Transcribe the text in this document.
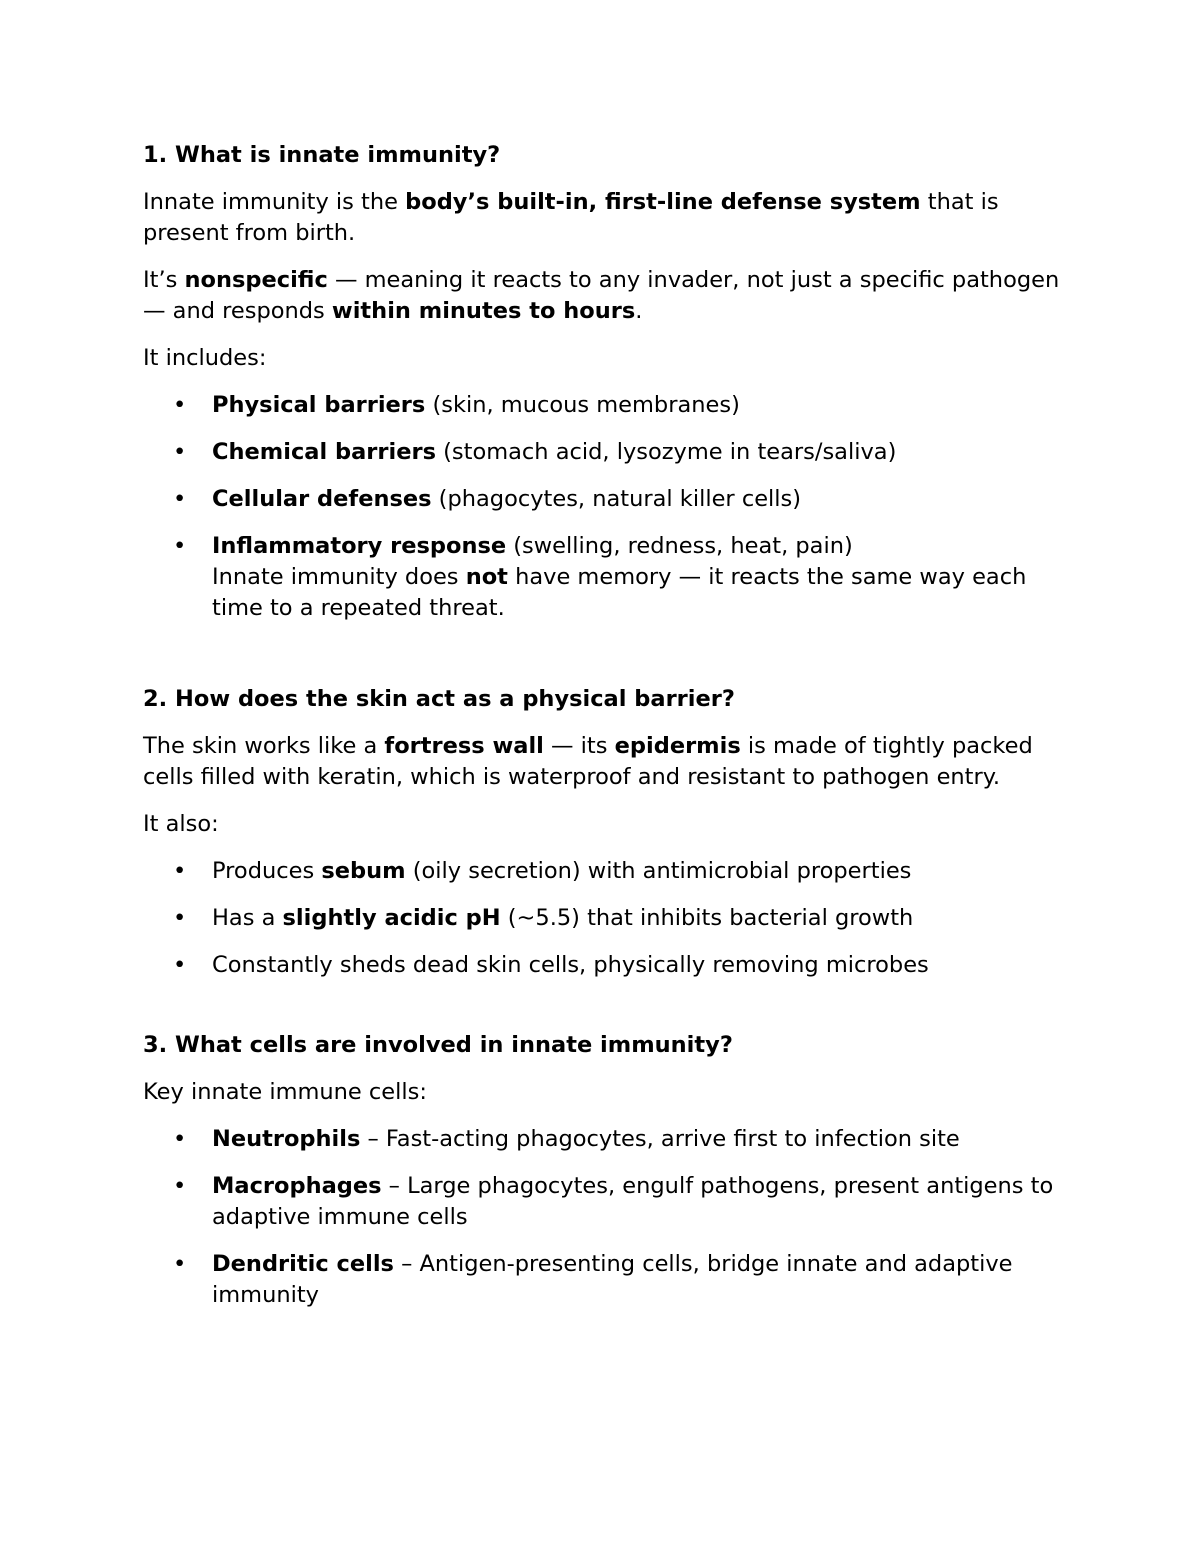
1. What is innate immunity?

Innate immunity is the body’s built-in, first-line defense system that is present from birth.

It’s nonspecific — meaning it reacts to any invader, not just a specific pathogen — and responds within minutes to hours.

It includes:

• Physical barriers (skin, mucous membranes)
• Chemical barriers (stomach acid, lysozyme in tears/saliva)
• Cellular defenses (phagocytes, natural killer cells)
• Inflammatory response (swelling, redness, heat, pain)
Innate immunity does not have memory — it reacts the same way each time to a repeated threat.

2. How does the skin act as a physical barrier?

The skin works like a fortress wall — its epidermis is made of tightly packed cells filled with keratin, which is waterproof and resistant to pathogen entry.

It also:

• Produces sebum (oily secretion) with antimicrobial properties
• Has a slightly acidic pH (~5.5) that inhibits bacterial growth
• Constantly sheds dead skin cells, physically removing microbes

3. What cells are involved in innate immunity?

Key innate immune cells:

• Neutrophils – Fast-acting phagocytes, arrive first to infection site
• Macrophages – Large phagocytes, engulf pathogens, present antigens to adaptive immune cells
• Dendritic cells – Antigen-presenting cells, bridge innate and adaptive immunity
